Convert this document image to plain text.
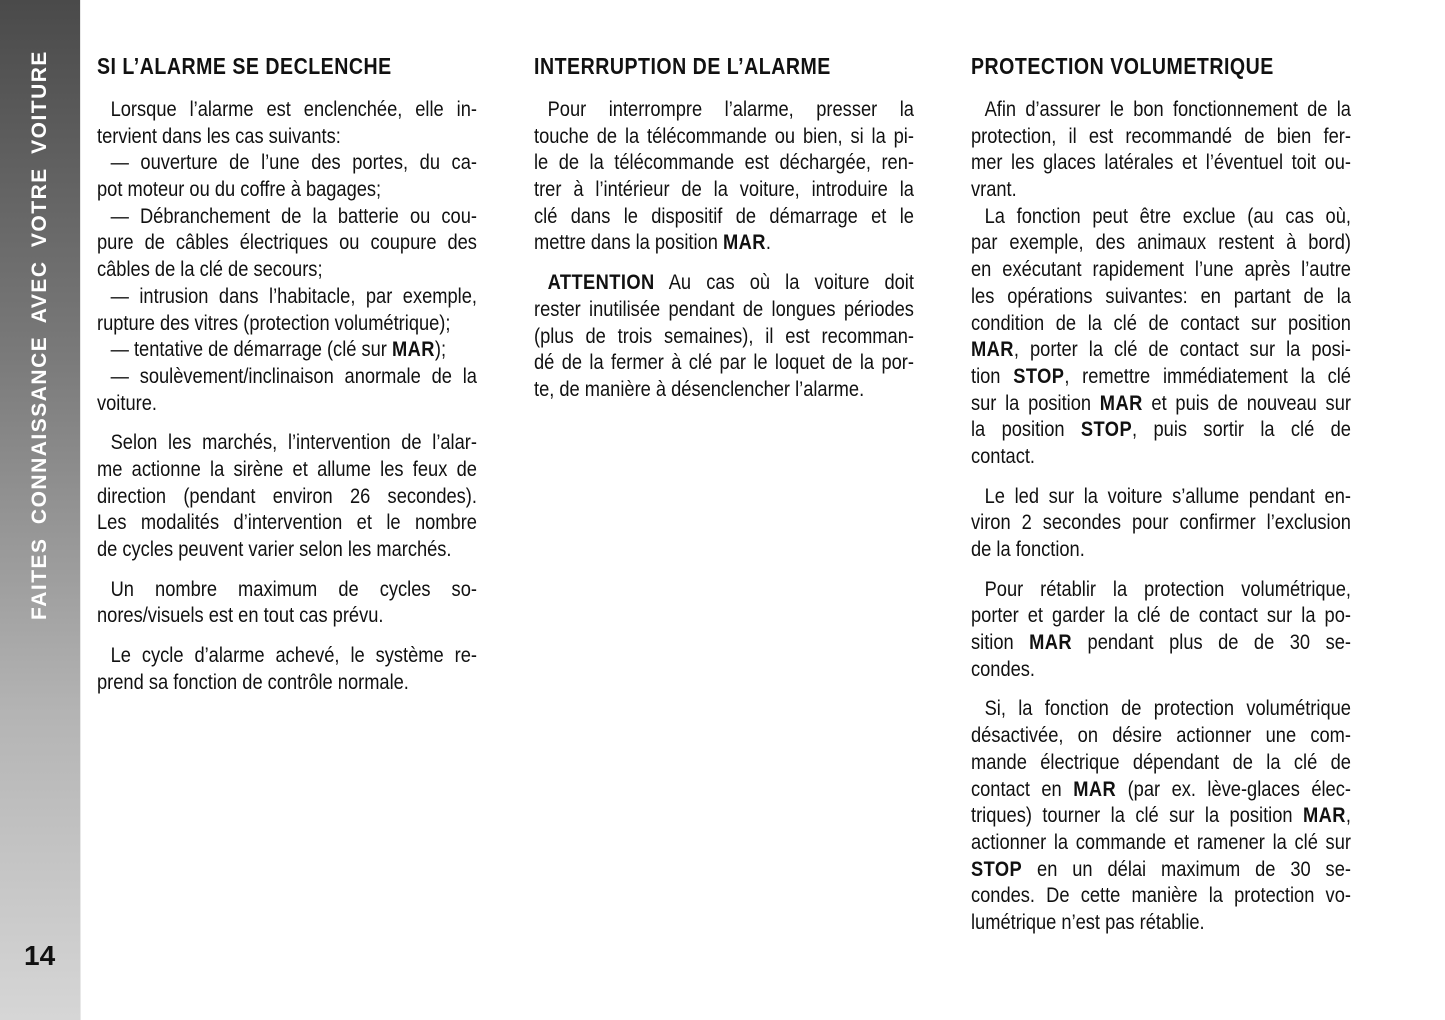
FAITES CONNAISSANCE AVEC VOTRE VOITURE
14
SI L’ALARME SE DECLENCHE
Lorsque l’alarme est enclenchée, elle in-
tervient dans les cas suivants:
— ouverture de l’une des portes, du ca-
pot moteur ou du coffre à bagages;
— Débranchement de la batterie ou cou-
pure de câbles électriques ou coupure des
câbles de la clé de secours;
— intrusion dans l’habitacle, par exemple,
rupture des vitres (protection volumétrique);
— tentative de démarrage (clé sur MAR);
— soulèvement/inclinaison anormale de la
voiture.
Selon les marchés, l’intervention de l’alar-
me actionne la sirène et allume les feux de
direction (pendant environ 26 secondes).
Les modalités d’intervention et le nombre
de cycles peuvent varier selon les marchés.
Un nombre maximum de cycles so-
nores/visuels est en tout cas prévu.
Le cycle d’alarme achevé, le système re-
prend sa fonction de contrôle normale.
INTERRUPTION DE L’ALARME
Pour interrompre l’alarme, presser la
touche de la télécommande ou bien, si la pi-
le de la télécommande est déchargée, ren-
trer à l’intérieur de la voiture, introduire la
clé dans le dispositif de démarrage et le
mettre dans la position MAR.
ATTENTION Au cas où la voiture doit
rester inutilisée pendant de longues périodes
(plus de trois semaines), il est recomman-
dé de la fermer à clé par le loquet de la por-
te, de manière à désenclencher l’alarme.
PROTECTION VOLUMETRIQUE
Afin d’assurer le bon fonctionnement de la
protection, il est recommandé de bien fer-
mer les glaces latérales et l’éventuel toit ou-
vrant.
La fonction peut être exclue (au cas où,
par exemple, des animaux restent à bord)
en exécutant rapidement l’une après l’autre
les opérations suivantes: en partant de la
condition de la clé de contact sur position
MAR, porter la clé de contact sur la posi-
tion STOP, remettre immédiatement la clé
sur la position MAR et puis de nouveau sur
la position STOP, puis sortir la clé de
contact.
Le led sur la voiture s’allume pendant en-
viron 2 secondes pour confirmer l’exclusion
de la fonction.
Pour rétablir la protection volumétrique,
porter et garder la clé de contact sur la po-
sition MAR pendant plus de de 30 se-
condes.
Si, la fonction de protection volumétrique
désactivée, on désire actionner une com-
mande électrique dépendant de la clé de
contact en MAR (par ex. lève-glaces élec-
triques) tourner la clé sur la position MAR,
actionner la commande et ramener la clé sur
STOP en un délai maximum de 30 se-
condes. De cette manière la protection vo-
lumétrique n’est pas rétablie.
